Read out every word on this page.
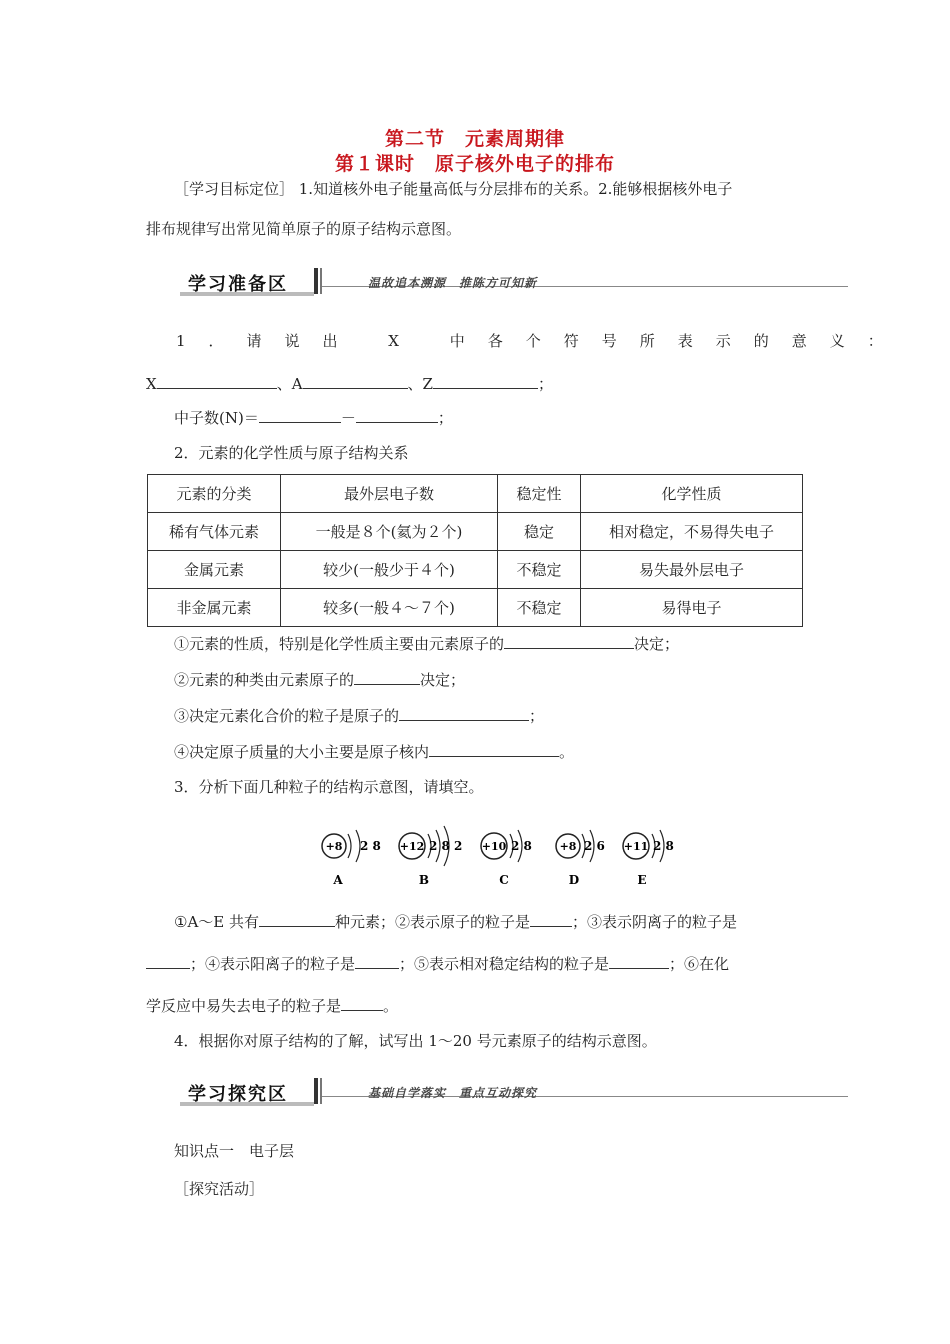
第二节　元素周期律
第１课时　原子核外电子的排布
［学习目标定位］ 1.知道核外电子能量高低与分层排布的关系。2.能够根据核外电子
排布规律写出常见简单原子的原子结构示意图。
学习准备区	温故追本溯源　推陈方可知新
1．请说出 X 中各个符号所表示的意义：
X	、A	、Z	；
中子数(N)＝	－	；
2．元素的化学性质与原子结构关系
元素的分类	最外层电子数	稳定性	化学性质
稀有气体元素	一般是８个(氦为２个)	稳定	相对稳定，不易得失电子
金属元素	较少(一般少于４个)	不稳定	易失最外层电子
非金属元素	较多(一般４～７个)	不稳定	易得电子
①元素的性质，特别是化学性质主要由元素原子的	决定；
②元素的种类由元素原子的	决定；
③决定元素化合价的粒子是原子的	；
④决定原子质量的大小主要是原子核内	。
3．分析下面几种粒子的结构示意图，请填空。
+8 2 8
A
+12 2 8 2
B
+10 2 8
C
+8 2 6
D
+11 2 8
E
①A～E 共有	种元素；②表示原子的粒子是	；③表示阴离子的粒子是
；④表示阳离子的粒子是	；⑤表示相对稳定结构的粒子是	；⑥在化
学反应中易失去电子的粒子是	。
4．根据你对原子结构的了解，试写出 1～20 号元素原子的结构示意图。
学习探究区	基础自学落实　重点互动探究
知识点一　电子层
［探究活动］
